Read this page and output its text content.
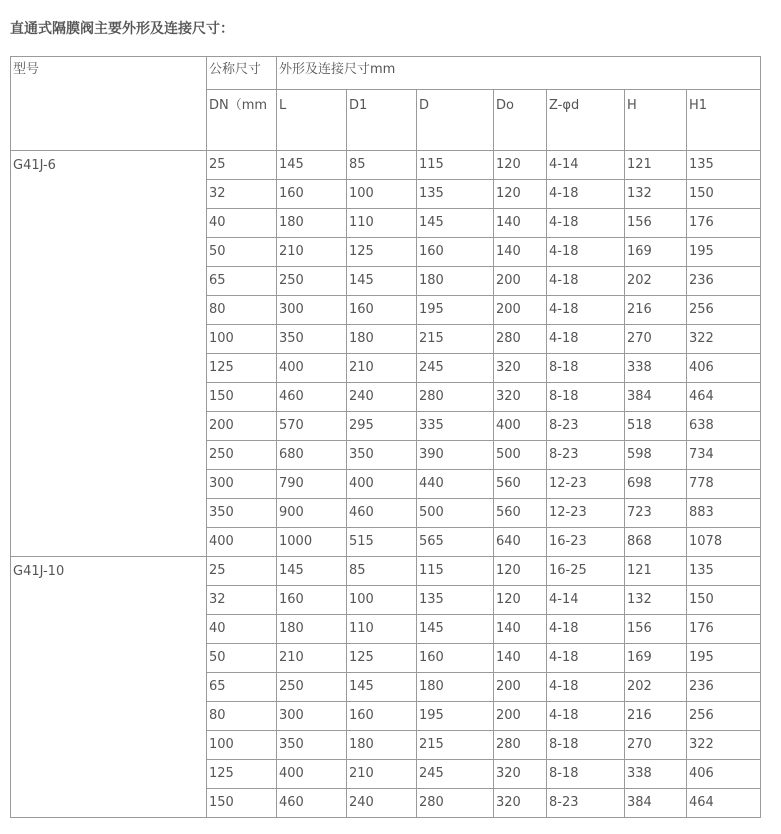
直通式隔膜阀主要外形及连接尺寸：
型号	公称尺寸	外形及连接尺寸mm						
	DN（mm	L	D1	D	Do	Z-φd	H	H1
G41J-6	25	145	85	115	120	4-14	121	135
	32	160	100	135	120	4-18	132	150
	40	180	110	145	140	4-18	156	176
	50	210	125	160	140	4-18	169	195
	65	250	145	180	200	4-18	202	236
	80	300	160	195	200	4-18	216	256
	100	350	180	215	280	4-18	270	322
	125	400	210	245	320	8-18	338	406
	150	460	240	280	320	8-18	384	464
	200	570	295	335	400	8-23	518	638
	250	680	350	390	500	8-23	598	734
	300	790	400	440	560	12-23	698	778
	350	900	460	500	560	12-23	723	883
	400	1000	515	565	640	16-23	868	1078
G41J-10	25	145	85	115	120	16-25	121	135
	32	160	100	135	120	4-14	132	150
	40	180	110	145	140	4-18	156	176
	50	210	125	160	140	4-18	169	195
	65	250	145	180	200	4-18	202	236
	80	300	160	195	200	4-18	216	256
	100	350	180	215	280	8-18	270	322
	125	400	210	245	320	8-18	338	406
	150	460	240	280	320	8-23	384	464
